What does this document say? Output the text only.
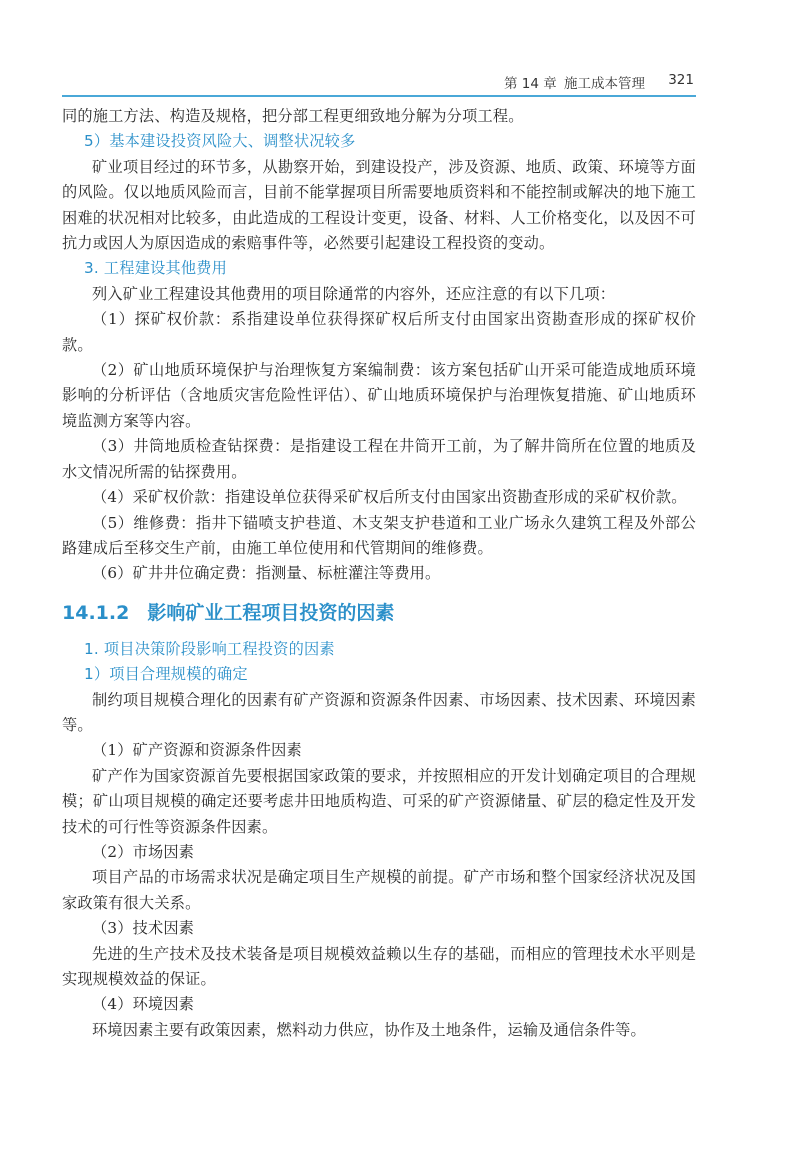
第 14 章 施工成本管理 321

同的施工方法、构造及规格，把分部工程更细致地分解为分项工程。

5）基本建设投资风险大、调整状况较多

矿业项目经过的环节多，从勘察开始，到建设投产，涉及资源、地质、政策、环境等方面的风险。仅以地质风险而言，目前不能掌握项目所需要地质资料和不能控制或解决的地下施工困难的状况相对比较多，由此造成的工程设计变更，设备、材料、人工价格变化，以及因不可抗力或因人为原因造成的索赔事件等，必然要引起建设工程投资的变动。

3. 工程建设其他费用

列入矿业工程建设其他费用的项目除通常的内容外，还应注意的有以下几项：

（1）探矿权价款：系指建设单位获得探矿权后所支付由国家出资勘查形成的探矿权价款。

（2）矿山地质环境保护与治理恢复方案编制费：该方案包括矿山开采可能造成地质环境影响的分析评估（含地质灾害危险性评估）、矿山地质环境保护与治理恢复措施、矿山地质环境监测方案等内容。

（3）井筒地质检查钻探费：是指建设工程在井筒开工前，为了解井筒所在位置的地质及水文情况所需的钻探费用。

（4）采矿权价款：指建设单位获得采矿权后所支付由国家出资勘查形成的采矿权价款。

（5）维修费：指井下锚喷支护巷道、木支架支护巷道和工业广场永久建筑工程及外部公路建成后至移交生产前，由施工单位使用和代管期间的维修费。

（6）矿井井位确定费：指测量、标桩灌注等费用。

14.1.2 影响矿业工程项目投资的因素

1. 项目决策阶段影响工程投资的因素

1）项目合理规模的确定

制约项目规模合理化的因素有矿产资源和资源条件因素、市场因素、技术因素、环境因素等。

（1）矿产资源和资源条件因素

矿产作为国家资源首先要根据国家政策的要求，并按照相应的开发计划确定项目的合理规模；矿山项目规模的确定还要考虑井田地质构造、可采的矿产资源储量、矿层的稳定性及开发技术的可行性等资源条件因素。

（2）市场因素

项目产品的市场需求状况是确定项目生产规模的前提。矿产市场和整个国家经济状况及国家政策有很大关系。

（3）技术因素

先进的生产技术及技术装备是项目规模效益赖以生存的基础，而相应的管理技术水平则是实现规模效益的保证。

（4）环境因素

环境因素主要有政策因素，燃料动力供应，协作及土地条件，运输及通信条件等。
